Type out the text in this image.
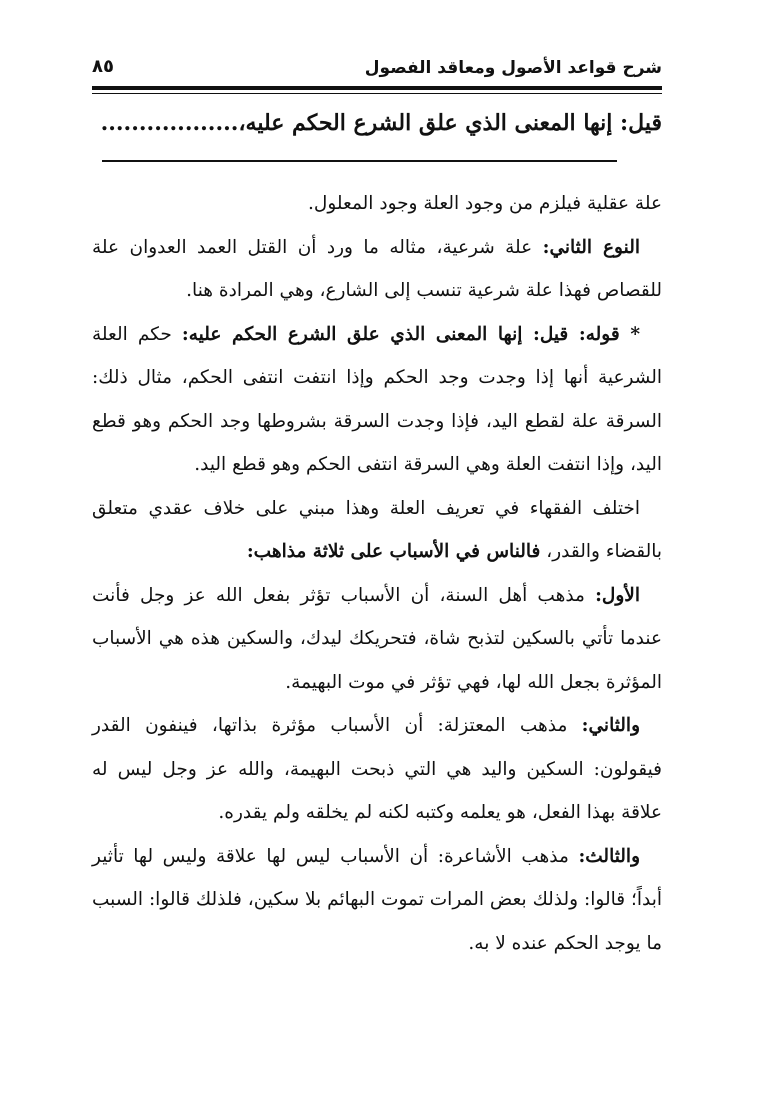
شرح قواعد الأصول ومعاقد الفصول
٨٥
قيل: إنها المعنى الذي علق الشرع الحكم عليه،..................

علة عقلية فيلزم من وجود العلة وجود المعلول.

النوع الثاني: علة شرعية، مثاله ما ورد أن القتل العمد العدوان علة للقصاص فهذا علة شرعية تنسب إلى الشارع، وهي المرادة هنا.

* قوله: قيل: إنها المعنى الذي علق الشرع الحكم عليه: حكم العلة الشرعية أنها إذا وجدت وجد الحكم وإذا انتفت انتفى الحكم، مثال ذلك: السرقة علة لقطع اليد، فإذا وجدت السرقة بشروطها وجد الحكم وهو قطع اليد، وإذا انتفت العلة وهي السرقة انتفى الحكم وهو قطع اليد.

اختلف الفقهاء في تعريف العلة وهذا مبني على خلاف عقدي متعلق بالقضاء والقدر، فالناس في الأسباب على ثلاثة مذاهب:

الأول: مذهب أهل السنة، أن الأسباب تؤثر بفعل الله عز وجل فأنت عندما تأتي بالسكين لتذبح شاة، فتحريكك ليدك، والسكين هذه هي الأسباب المؤثرة بجعل الله لها، فهي تؤثر في موت البهيمة.

والثاني: مذهب المعتزلة: أن الأسباب مؤثرة بذاتها، فينفون القدر فيقولون: السكين واليد هي التي ذبحت البهيمة، والله عز وجل ليس له علاقة بهذا الفعل، هو يعلمه وكتبه لكنه لم يخلقه ولم يقدره.

والثالث: مذهب الأشاعرة: أن الأسباب ليس لها علاقة وليس لها تأثير أبداً؛ قالوا: ولذلك بعض المرات تموت البهائم بلا سكين، فلذلك قالوا: السبب ما يوجد الحكم عنده لا به.
